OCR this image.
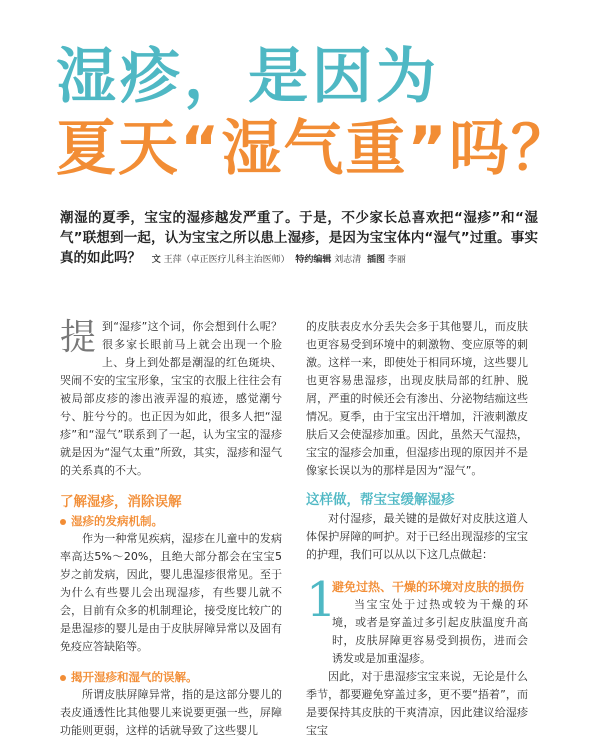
湿疹，是因为
夏天“湿气重”吗？
潮湿的夏季，宝宝的湿疹越发严重了。于是，不少家长总喜欢把“湿疹”和“湿气”联想到一起，认为宝宝之所以患上湿疹，是因为宝宝体内“湿气”过重。事实真的如此吗？ 文 王萍（卓正医疗儿科主治医师） 特约编辑 刘志清 插图 李丽

提 到“湿疹”这个词，你会想到什么呢？很多家长眼前马上就会出现一个脸上、身上到处都是潮湿的红色斑块、哭闹不安的宝宝形象，宝宝的衣服上往往会有被局部皮疹的渗出液弄湿的痕迹，感觉潮兮兮、脏兮兮的。也正因为如此，很多人把“湿疹”和“湿气”联系到了一起，认为宝宝的湿疹就是因为“湿气太重”所致，其实，湿疹和湿气的关系真的不大。

了解湿疹，消除误解
湿疹的发病机制。

作为一种常见疾病，湿疹在儿童中的发病率高达5%～20%，且绝大部分都会在宝宝5岁之前发病，因此，婴儿患湿疹很常见。至于为什么有些婴儿会出现湿疹，有些婴儿就不会，目前有众多的机制理论，接受度比较广的是患湿疹的婴儿是由于皮肤屏障异常以及固有免疫应答缺陷等。

揭开湿疹和湿气的误解。

所谓皮肤屏障异常，指的是这部分婴儿的表皮通透性比其他婴儿来说要更强一些，屏障功能则更弱，这样的话就导致了这些婴儿

的皮肤表皮水分丢失会多于其他婴儿，而皮肤也更容易受到环境中的刺激物、变应原等的刺激。这样一来，即使处于相同环境，这些婴儿也更容易患湿疹，出现皮肤局部的红肿、脱屑，严重的时候还会有渗出、分泌物结痂这些情况。夏季，由于宝宝出汗增加，汗液刺激皮肤后又会使湿疹加重。因此，虽然天气湿热，宝宝的湿疹会加重，但湿疹出现的原因并不是像家长误以为的那样是因为“湿气”。

这样做，帮宝宝缓解湿疹

对付湿疹，最关键的是做好对皮肤这道人体保护屏障的呵护。对于已经出现湿疹的宝宝的护理，我们可以从以下这几点做起：

1
避免过热、干燥的环境对皮肤的损伤

当宝宝处于过热或较为干燥的环境，或者是穿盖过多引起皮肤温度升高时，皮肤屏障更容易受到损伤，进而会诱发或是加重湿疹。

因此，对于患湿疹宝宝来说，无论是什么季节，都要避免穿盖过多，更不要“捂着”，而是要保持其皮肤的干爽清凉，因此建议给湿疹宝宝
